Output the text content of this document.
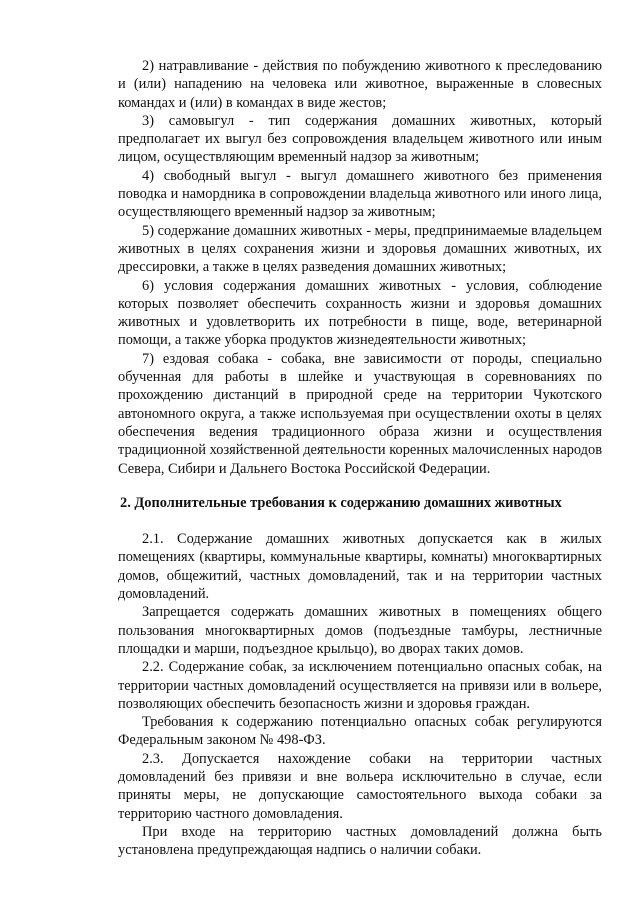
2) натравливание - действия по побуждению животного к преследованию и (или) нападению на человека или животное, выраженные в словесных командах и (или) в командах в виде жестов;

3) самовыгул - тип содержания домашних животных, который предполагает их выгул без сопровождения владельцем животного или иным лицом, осуществляющим временный надзор за животным;

4) свободный выгул - выгул домашнего животного без применения поводка и намордника в сопровождении владельца животного или иного лица, осуществляющего временный надзор за животным;

5) содержание домашних животных - меры, предпринимаемые владельцем животных в целях сохранения жизни и здоровья домашних животных, их дрессировки, а также в целях разведения домашних животных;

6) условия содержания домашних животных - условия, соблюдение которых позволяет обеспечить сохранность жизни и здоровья домашних животных и удовлетворить их потребности в пище, воде, ветеринарной помощи, а также уборка продуктов жизнедеятельности животных;

7) ездовая собака - собака, вне зависимости от породы, специально обученная для работы в шлейке и участвующая в соревнованиях по прохождению дистанций в природной среде на территории Чукотского автономного округа, а также используемая при осуществлении охоты в целях обеспечения ведения традиционного образа жизни и осуществления традиционной хозяйственной деятельности коренных малочисленных народов Севера, Сибири и Дальнего Востока Российской Федерации.

2. Дополнительные требования к содержанию домашних животных

2.1. Содержание домашних животных допускается как в жилых помещениях (квартиры, коммунальные квартиры, комнаты) многоквартирных домов, общежитий, частных домовладений, так и на территории частных домовладений.

Запрещается содержать домашних животных в помещениях общего пользования многоквартирных домов (подъездные тамбуры, лестничные площадки и марши, подъездное крыльцо), во дворах таких домов.

2.2. Содержание собак, за исключением потенциально опасных собак, на территории частных домовладений осуществляется на привязи или в вольере, позволяющих обеспечить безопасность жизни и здоровья граждан.

Требования к содержанию потенциально опасных собак регулируются Федеральным законом № 498-ФЗ.

2.3. Допускается нахождение собаки на территории частных домовладений без привязи и вне вольера исключительно в случае, если приняты меры, не допускающие самостоятельного выхода собаки за территорию частного домовладения.

При входе на территорию частных домовладений должна быть установлена предупреждающая надпись о наличии собаки.
